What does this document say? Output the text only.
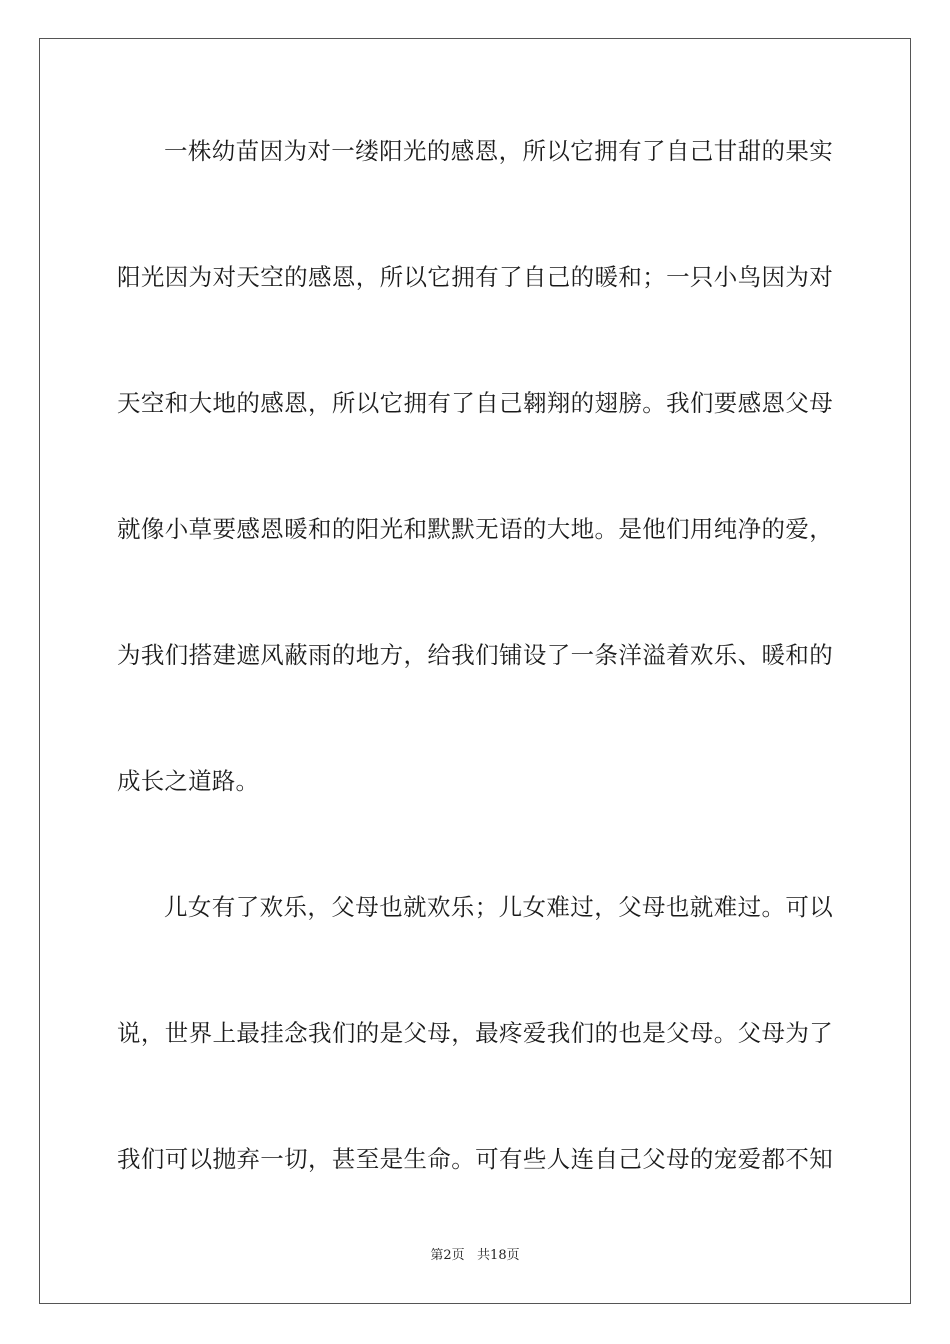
一株幼苗因为对一缕阳光的感恩，所以它拥有了自己甘甜的果实
阳光因为对天空的感恩，所以它拥有了自己的暖和；一只小鸟因为对
天空和大地的感恩，所以它拥有了自己翱翔的翅膀。我们要感恩父母
就像小草要感恩暖和的阳光和默默无语的大地。是他们用纯净的爱，
为我们搭建遮风蔽雨的地方，给我们铺设了一条洋溢着欢乐、暖和的
成长之道路。
儿女有了欢乐，父母也就欢乐；儿女难过，父母也就难过。可以
说，世界上最挂念我们的是父母，最疼爱我们的也是父母。父母为了
我们可以抛弃一切，甚至是生命。可有些人连自己父母的宠爱都不知
第2页   共18页
